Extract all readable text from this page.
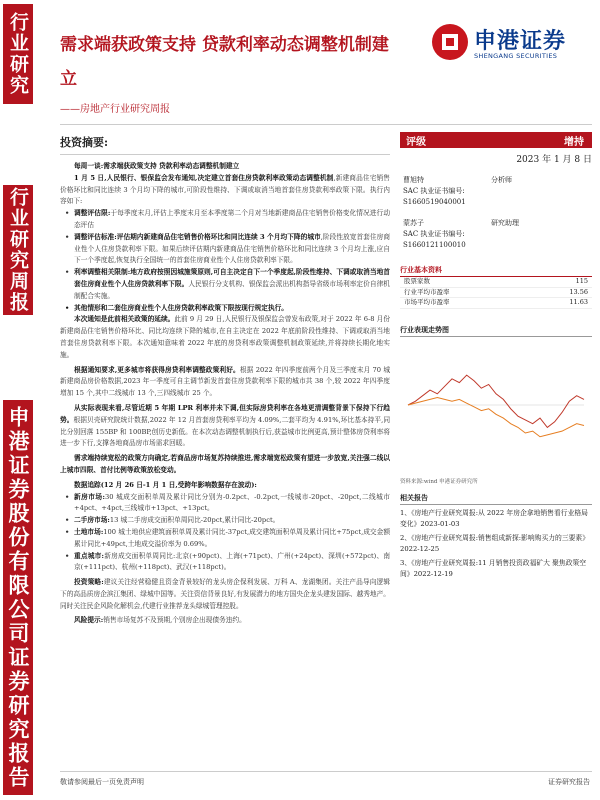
行业研究
行业研究周报
申港证券股份有限公司证券研究报告
需求端获政策支持 贷款利率动态调整机制建立
——房地产行业研究周报
申港证券
SHENGANG SECURITIES
投资摘要:
每周一谈:需求端获政策支持 贷款利率动态调整机制建立
1 月 5 日,人民银行、银保监会发布通知,决定建立首套住房贷款利率政策动态调整机制,新建商品住宅销售价格环比和同比连续 3 个月均下降的城市,可阶段性维持、下调或取消当地首套住房贷款利率政策下限。执行内容如下:
• 调整评估限:于每季度末月,评估上季度末月至本季度第二个月对当地新建商品住宅销售价格变化情况进行动态评估
• 调整评估标准:评估期内新建商品住宅销售价格环比和同比连续 3 个月均下降的城市,阶段性放宽首套住房商业性个人住房贷款利率下限。如果后续评估期内新建商品住宅销售价格环比和同比连续 3 个月均上涨,应自下一个季度起,恢复执行全国统一的首套住房商业性个人住房贷款利率下限。
• 利率调整相关限制:地方政府按照因城施策原则,可自主决定自下一个季度起,阶段性维持、下调或取消当地首套住房商业性个人住房贷款利率下限。人民银行分支机构、银保监会派出机构指导省级市场利率定价自律机制配合实施。
• 其他情形和二套住房商业性个人住房贷款利率政策下限按现行规定执行。
本次通知是此前相关政策的延续。此前 9 月 29 日,人民银行及银保监会曾发布政策,对于 2022 年 6-8 月份新建商品住宅销售价格环比、同比均连续下降的城市,在自主决定在 2022 年底前阶段性维持、下调或取消当地首套住房贷款利率下限。本次通知意味着 2022 年底的房贷利率政策调整机制政策延续,并将持续长期化地实施。
根据通知要求,更多城市将获得房贷利率调整政策利好。根据 2022 年四季度前两个月及三季度末月 70 城新建商品房价格数据,2023 年一季度可自主调节新发首套住房贷款利率下限的城市共 38 个,较 2022 年四季度增加 15 个,其中二线城市 13 个,三四线城市 25 个。
从实际表现来看,尽管近期 5 年期 LPR 利率并未下调,但实际房贷利率在各地更清调整背景下保持下行趋势。根据贝壳研究院统计数据,2022 年 12 月首套房贷利率平均为 4.09%,二套平均为 4.91%,环比基本持平,同比分别回落 155BP 和 100BP,创历史新低。在本次动态调整机制执行后,获益城市比例更高,预计整体房贷利率将进一步下行,支撑各地商品房市场需求回暖。
需求端持续宽松的政策方向确定,若商品房市场复苏持续推进,需求端宽松政策有望进一步放宽,关注强二线以上城市四限、首付比例等政策放松变动。
数据追踪(12 月 26 日-1 月 1 日,受跨年影响数据存在波动):
• 新房市场:30 城成交面积单周及累计同比分别为-0.2pct、-0.2pct,一线城市-20pct、-20pct,二线城市+4pct、+4pct,三线城市+13pct、+13pct。
• 二手房市场:13 城二手房成交面积单周同比-20pct,累计同比-20pct。
• 土地市场:100 城土地供应建筑面积单周及累计同比-37pct,成交建筑面积单周及累计同比+75pct,成交金额累计同比+49pct,土地成交溢价率为 0.69%。
• 重点城市:新房成交面积单周同比:北京(+90pct)、上海(+71pct)、广州(+24pct)、深圳(+572pct)、南京(+111pct)、杭州(+118pct)、武汉(+118pct)。
投资策略:建议关注经营稳健且资金背景较好的龙头房企保利发展、万科 A、龙湖集团。关注产品导向逻辑下的高品质房企滨江集团、绿城中国等。关注资信背景良好,有发展潜力的地方国央企龙头建发国际、越秀地产。同时关注民企风险化解机会,代建行业推荐龙头绿城管理控股。
风险提示:销售市场复苏不及预期,个别房企出现债务违约。
评级	增持
2023 年 1 月 8 日
曹旭特	分析师
SAC 执业证书编号:
S1660519040001
蒙苏子	研究助理
SAC 执业证书编号:
S1660121100010
行业基本资料
股票家数	115
行业平均市盈率	13.56
市场平均市盈率	11.63
行业表现走势图
资料来源:wind 申港证券研究所
相关报告
1、《房地产行业研究周报:从 2022 年房企拿地销售看行业格局变化》2023-01-03
2、《房地产行业研究周报:销售组成新探:影响购买力的三要素》2022-12-25
3、《房地产行业研究周报:11 月销售投资政福矿大 聚焦政策空间》2022-12-19
敬请参阅最后一页免责声明	证券研究报告
